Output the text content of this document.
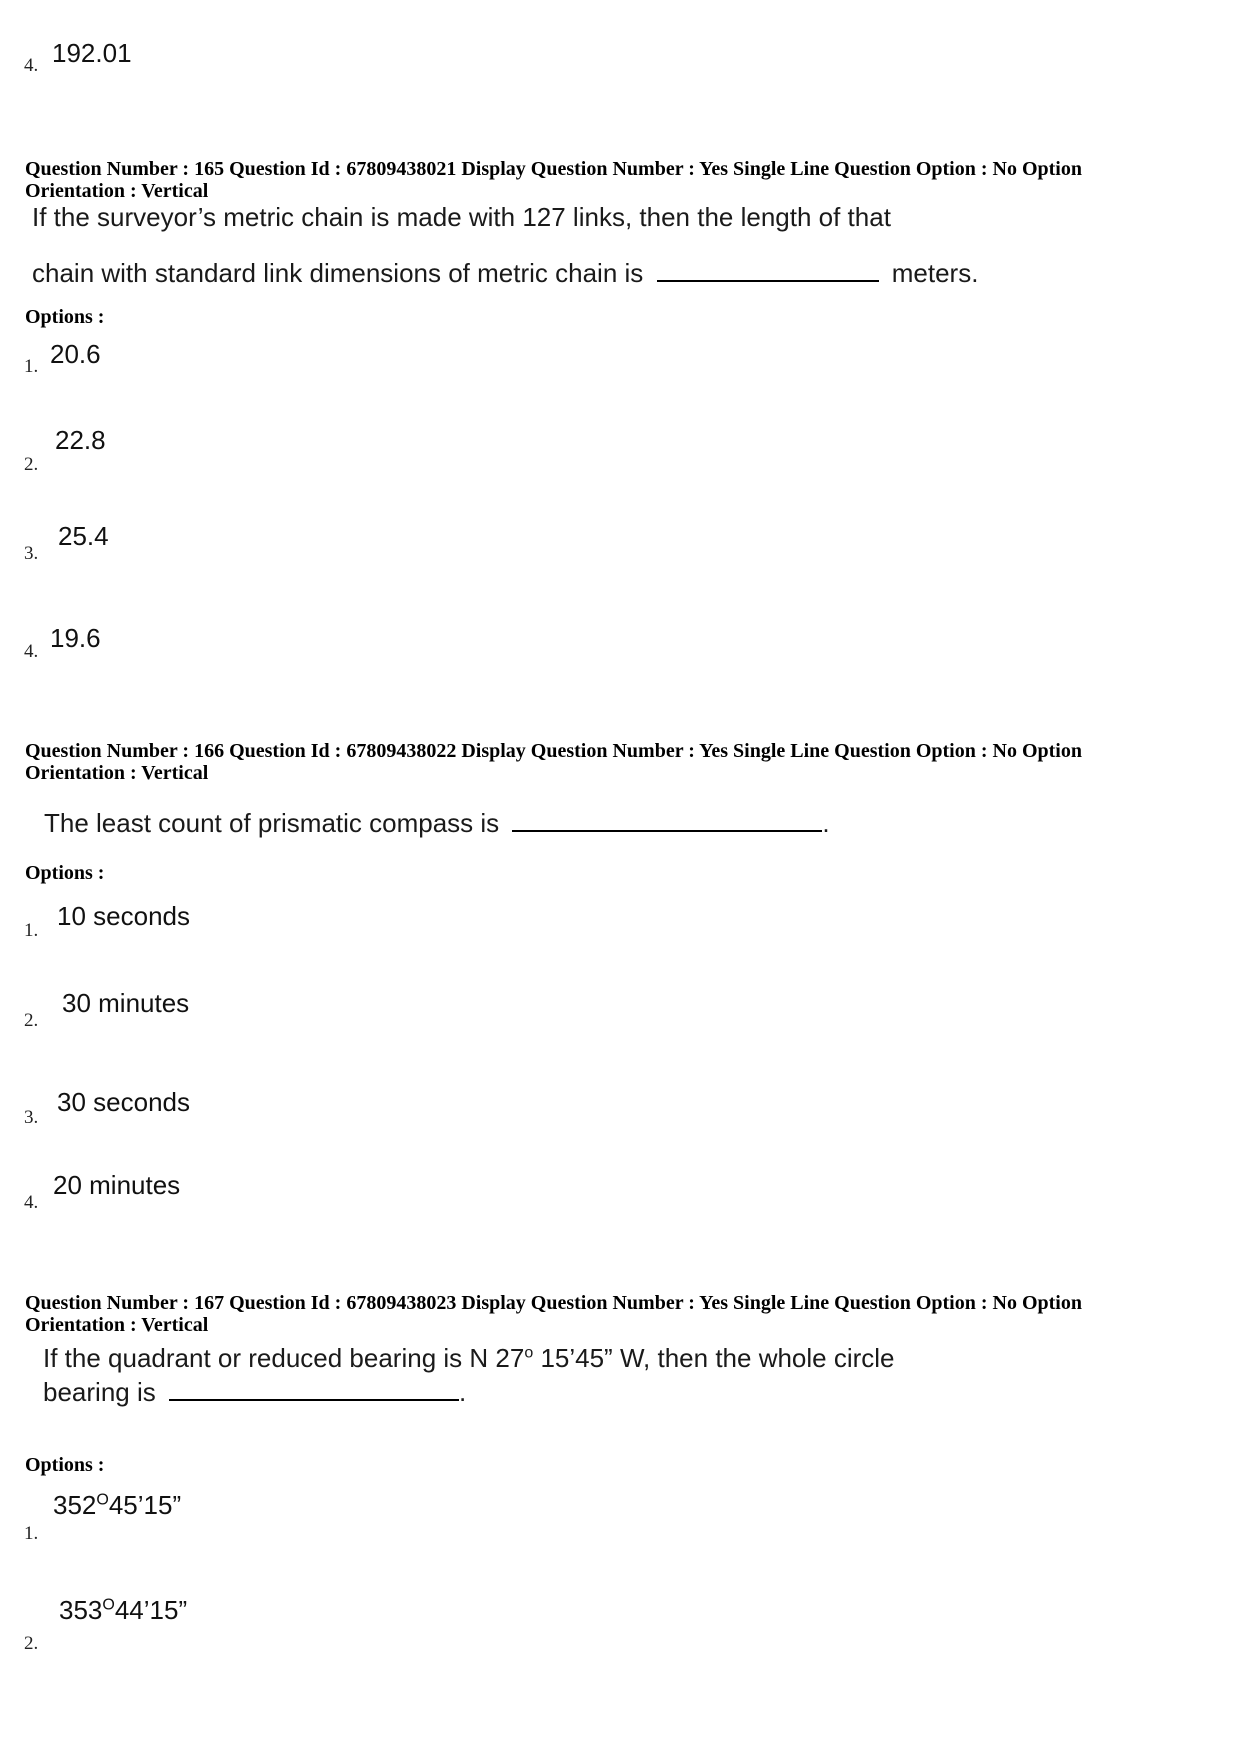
4. 192.01
Question Number : 165 Question Id : 67809438021 Display Question Number : Yes Single Line Question Option : No Option
Orientation : Vertical
If the surveyor’s metric chain is made with 127 links, then the length of that
chain with standard link dimensions of metric chain is	meters.
Options :
1. 20.6
2.
22.8
3.
25.4
4. 19.6
Question Number : 166 Question Id : 67809438022 Display Question Number : Yes Single Line Question Option : No Option
Orientation : Vertical
The least count of prismatic compass is	.
Options :
1. 10 seconds
2.
30 minutes
3.
30 seconds
4.
20 minutes
Question Number : 167 Question Id : 67809438023 Display Question Number : Yes Single Line Question Option : No Option
Orientation : Vertical
If the quadrant or reduced bearing is N 27$^o$ 15’45” W, then the whole circle
bearing is	.
Options :
1.
$352^O45’15$”
2.
$353^O44’15$”
